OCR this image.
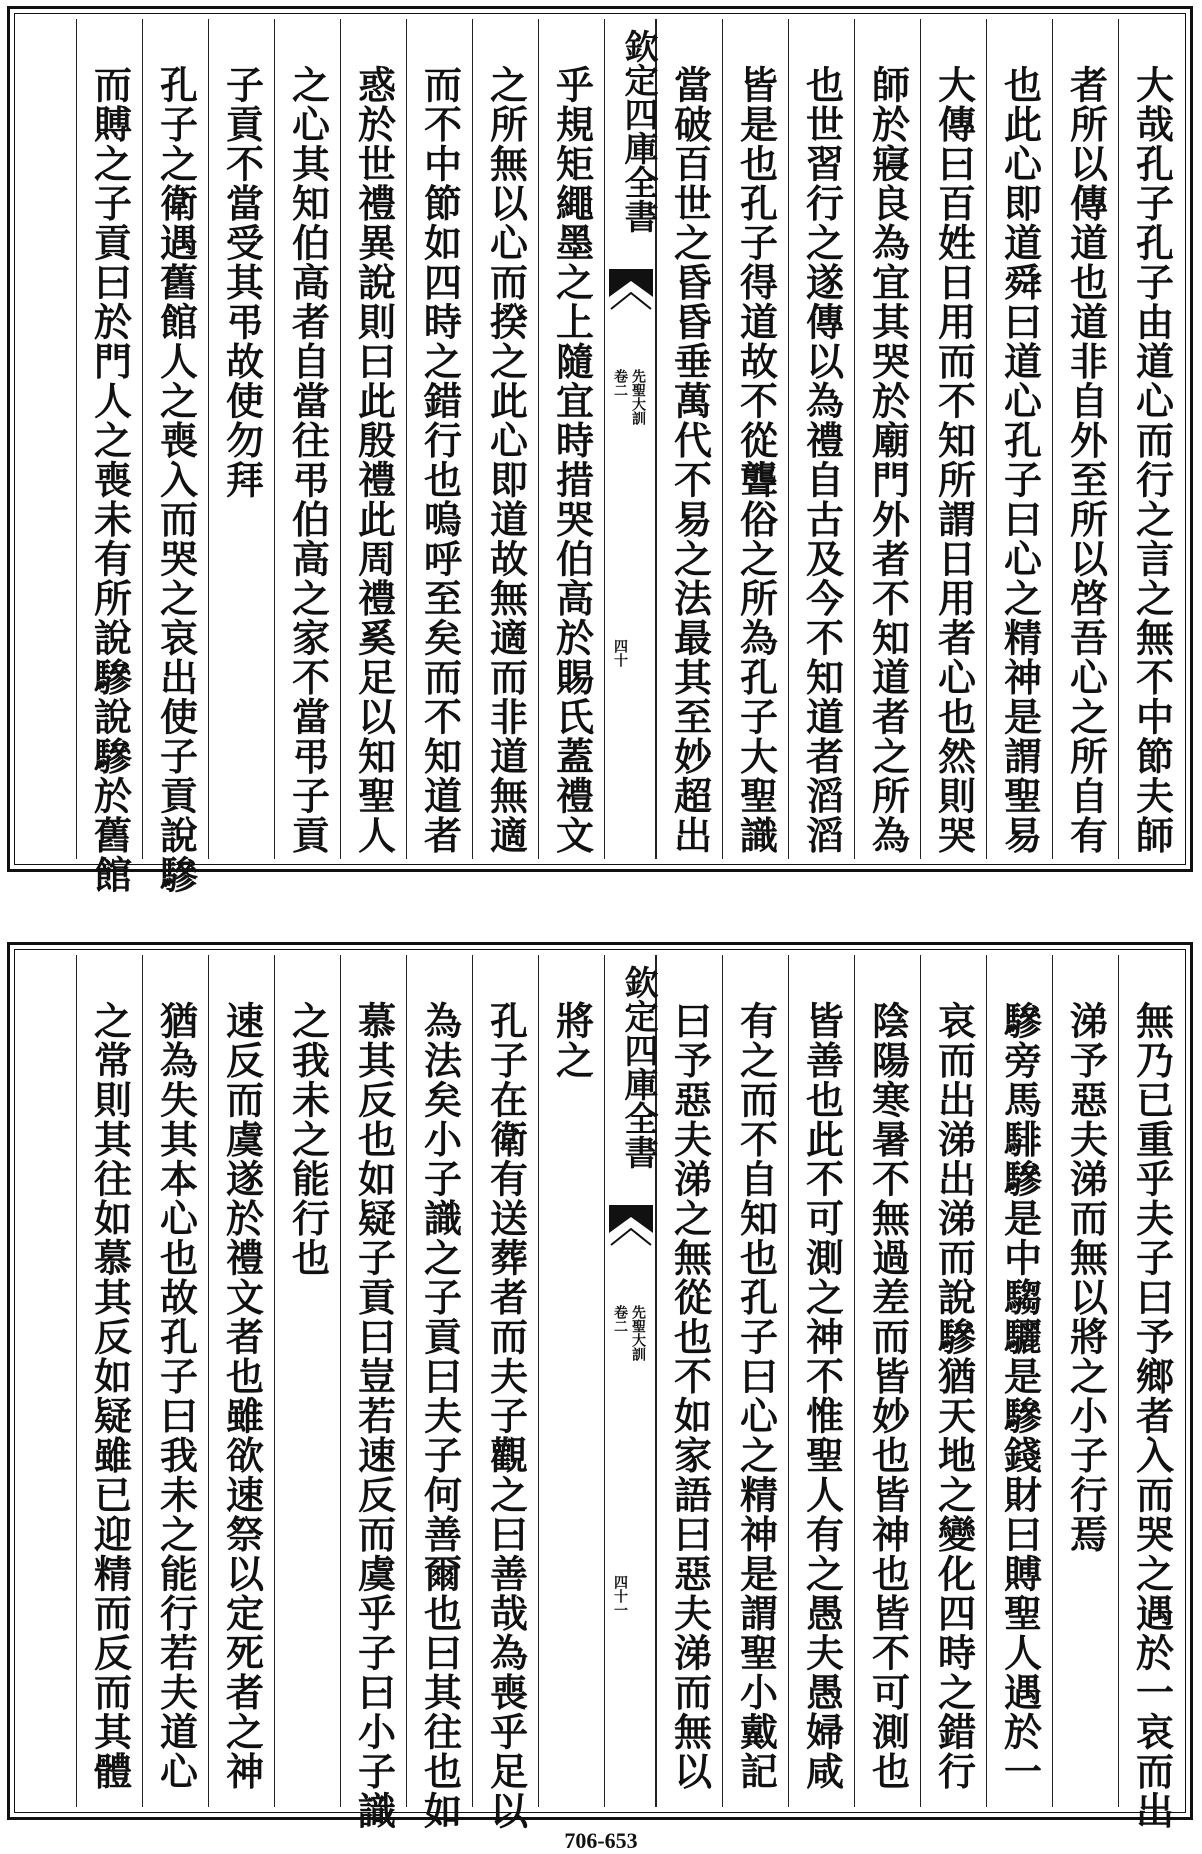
大哉孔子孔子由道心而行之言之無不中節夫師
者所以傳道也道非自外至所以啓吾心之所自有
也此心即道舜曰道心孔子曰心之精神是謂聖易
大傳曰百姓日用而不知所謂日用者心也然則哭
師於寢良為宜其哭於廟門外者不知道者之所為
也世習行之遂傳以為禮自古及今不知道者滔滔
皆是也孔子得道故不從聾俗之所為孔子大聖識
當破百世之昏昏垂萬代不易之法最其至妙超出
乎規矩繩墨之上隨宜時措哭伯高於賜氏蓋禮文
之所無以心而揆之此心即道故無適而非道無適
而不中節如四時之錯行也嗚呼至矣而不知道者
惑於世禮異說則曰此殷禮此周禮奚足以知聖人
之心其知伯高者自當往弔伯高之家不當弔子貢
子貢不當受其弔故使勿拜
孔子之衛遇舊館人之喪入而哭之哀出使子貢說驂
而賻之子貢曰於門人之喪未有所說驂說驂於舊館	欽定四庫全書
先聖大訓
卷二
四十
無乃已重乎夫子曰予鄉者入而哭之遇於一哀而出
涕予惡夫涕而無以將之小子行焉
驂旁馬騑驂是中騶驪是驂錢財曰賻聖人遇於一
哀而出涕出涕而說驂猶天地之變化四時之錯行
陰陽寒暑不無過差而皆妙也皆神也皆不可測也
皆善也此不可測之神不惟聖人有之愚夫愚婦咸
有之而不自知也孔子曰心之精神是謂聖小戴記
曰予惡夫涕之無從也不如家語曰惡夫涕而無以
將之
孔子在衛有送葬者而夫子觀之曰善哉為喪乎足以
為法矣小子識之子貢曰夫子何善爾也曰其往也如
慕其反也如疑子貢曰豈若速反而虞乎子曰小子識
之我未之能行也
速反而虞遂於禮文者也雖欲速祭以定死者之神
猶為失其本心也故孔子曰我未之能行若夫道心
之常則其往如慕其反如疑雖已迎精而反而其體	欽定四庫全書
先聖大訓
卷二
四十一
706-653
